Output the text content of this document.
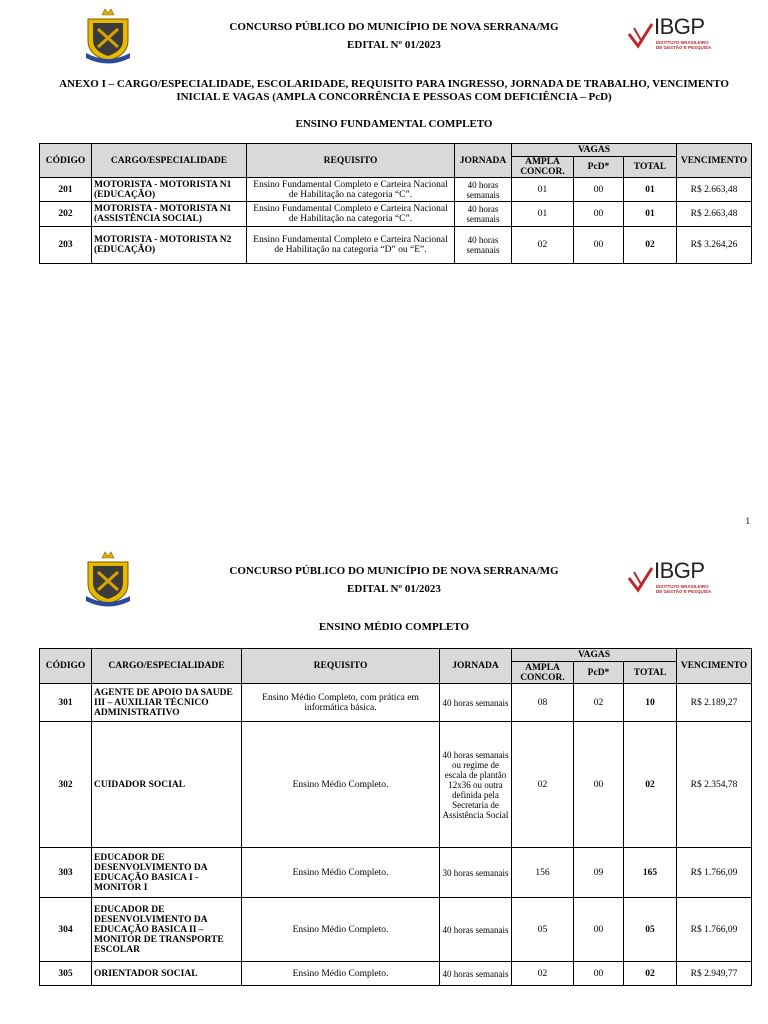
CONCURSO PÚBLICO DO MUNICÍPIO DE NOVA SERRANA/MG
EDITAL Nº 01/2023
IBGP
INSTITUTO BRASILEIRO DE GESTÃO E PESQUISA
ANEXO I – CARGO/ESPECIALIDADE, ESCOLARIDADE, REQUISITO PARA INGRESSO, JORNADA DE TRABALHO, VENCIMENTO INICIAL E VAGAS (AMPLA CONCORRÊNCIA E PESSOAS COM DEFICIÊNCIA – PcD)
ENSINO FUNDAMENTAL COMPLETO
CÓDIGO	CARGO/ESPECIALIDADE	REQUISITO	JORNADA	VAGAS			VENCIMENTO
				AMPLA CONCOR.	PcD*	TOTAL	
201	MOTORISTA - MOTORISTA N1 (EDUCAÇÃO)	Ensino Fundamental Completo e Carteira Nacional de Habilitação na categoria “C”.	40 horas semanais	01	00	01	R$ 2.663,48
202	MOTORISTA - MOTORISTA N1 (ASSISTÊNCIA SOCIAL)	Ensino Fundamental Completo e Carteira Nacional de Habilitação na categoria “C”.	40 horas semanais	01	00	01	R$ 2.663,48
203	MOTORISTA - MOTORISTA N2 (EDUCAÇÃO)	Ensino Fundamental Completo e Carteira Nacional de Habilitação na categoria “D” ou “E”.	40 horas semanais	02	00	02	R$ 3.264,26
1
CONCURSO PÚBLICO DO MUNICÍPIO DE NOVA SERRANA/MG
EDITAL Nº 01/2023
IBGP
INSTITUTO BRASILEIRO DE GESTÃO E PESQUISA
ENSINO MÉDIO COMPLETO
CÓDIGO	CARGO/ESPECIALIDADE	REQUISITO	JORNADA	VAGAS			VENCIMENTO
				AMPLA CONCOR.	PcD*	TOTAL	
301	AGENTE DE APOIO DA SAUDE III – AUXILIAR TÉCNICO ADMINISTRATIVO	Ensino Médio Completo, com prática em informática básica.	40 horas semanais	08	02	10	R$ 2.189,27
302	CUIDADOR SOCIAL	Ensino Médio Completo.	40 horas semanais ou regime de escala de plantão 12x36 ou outra definida pela Secretaria de Assistência Social	02	00	02	R$ 2.354,78
303	EDUCADOR DE DESENVOLVIMENTO DA EDUCAÇÃO BASICA I - MONITOR I	Ensino Médio Completo.	30 horas semanais	156	09	165	R$ 1.766,09
304	EDUCADOR DE DESENVOLVIMENTO DA EDUCAÇÃO BASICA II – MONITOR DE TRANSPORTE ESCOLAR	Ensino Médio Completo.	40 horas semanais	05	00	05	R$ 1.766,09
305	ORIENTADOR SOCIAL	Ensino Médio Completo.	40 horas semanais	02	00	02	R$ 2.949,77
